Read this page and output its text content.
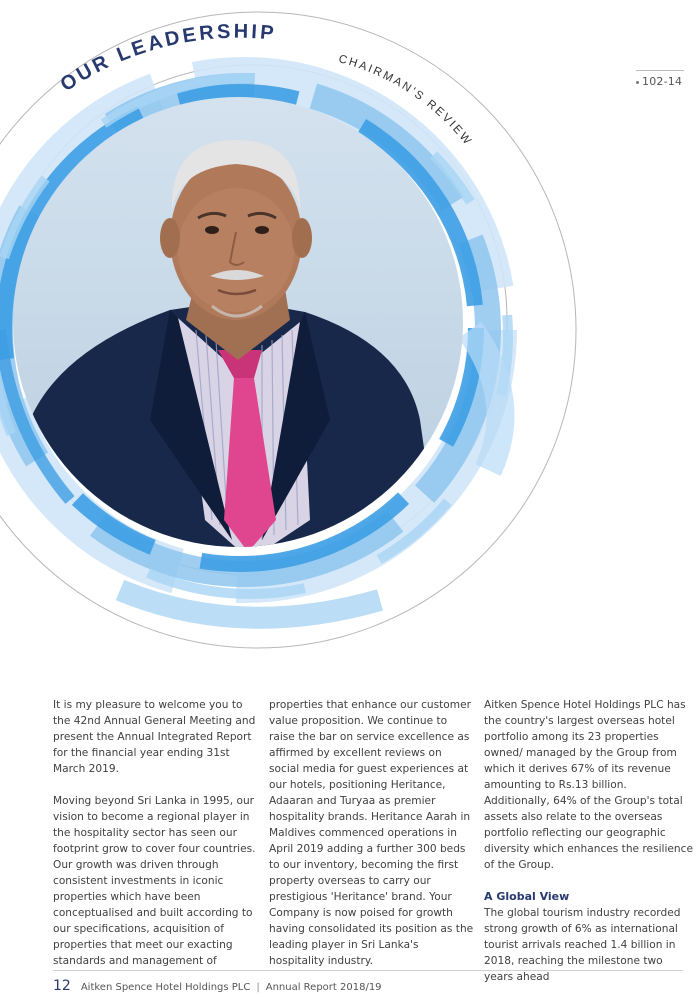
OUR LEADERSHIP
CHAIRMAN'S REVIEW
102-14

It is my pleasure to welcome you to the 42nd Annual General Meeting and present the Annual Integrated Report for the financial year ending 31st March 2019.

Moving beyond Sri Lanka in 1995, our vision to become a regional player in the hospitality sector has seen our footprint grow to cover four countries. Our growth was driven through consistent investments in iconic properties which have been conceptualised and built according to our specifications, acquisition of properties that meet our exacting standards and management of

properties that enhance our customer value proposition. We continue to raise the bar on service excellence as affirmed by excellent reviews on social media for guest experiences at our hotels, positioning Heritance, Adaaran and Turyaa as premier hospitality brands. Heritance Aarah in Maldives commenced operations in April 2019 adding a further 300 beds to our inventory, becoming the first property overseas to carry our prestigious 'Heritance' brand. Your Company is now poised for growth having consolidated its position as the leading player in Sri Lanka's hospitality industry.

Aitken Spence Hotel Holdings PLC has the country's largest overseas hotel portfolio among its 23 properties owned/ managed by the Group from which it derives 67% of its revenue amounting to Rs.13 billion. Additionally, 64% of the Group's total assets also relate to the overseas portfolio reflecting our geographic diversity which enhances the resilience of the Group.

A Global View

The global tourism industry recorded strong growth of 6% as international tourist arrivals reached 1.4 billion in 2018, reaching the milestone two years ahead

12 Aitken Spence Hotel Holdings PLC | Annual Report 2018/19
